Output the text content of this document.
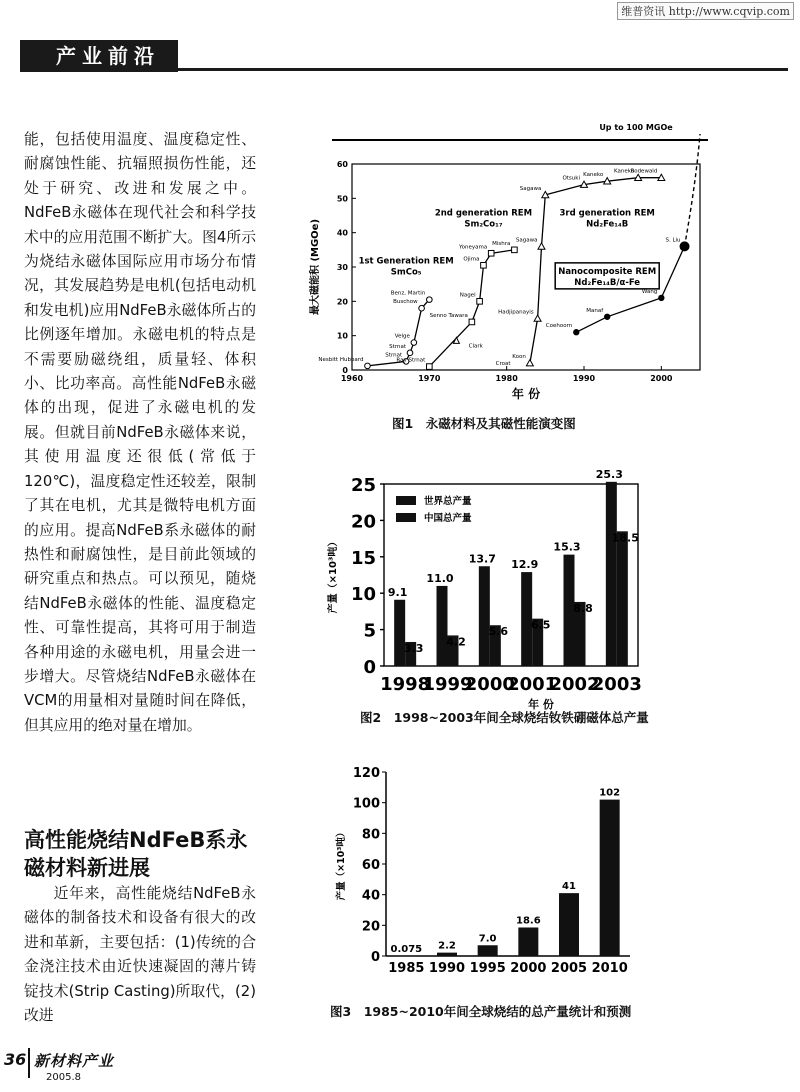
维普资讯 http://www.cqvip.com
产业前沿

能，包括使用温度、温度稳定性、耐腐蚀性能、抗辐照损伤性能，还处于研究、改进和发展之中。NdFeB永磁体在现代社会和科学技术中的应用范围不断扩大。图4所示为烧结永磁体国际应用市场分布情况，其发展趋势是电机(包括电动机和发电机)应用NdFeB永磁体所占的比例逐年增加。永磁电机的特点是不需要励磁绕组，质量轻、体积小、比功率高。高性能NdFeB永磁体的出现，促进了永磁电机的发展。但就目前NdFeB永磁体来说，其使用温度还很低(常低于120℃)，温度稳定性还较差，限制了其在电机，尤其是微特电机方面的应用。提高NdFeB系永磁体的耐热性和耐腐蚀性，是目前此领域的研究重点和热点。可以预见，随烧结NdFeB永磁体的性能、温度稳定性、可靠性提高，其将可用于制造各种用途的永磁电机，用量会进一步增大。尽管烧结NdFeB永磁体在VCM的用量相对量随时间在降低，但其应用的绝对量在增加。

高性能烧结NdFeB系永磁材料新进展

近年来，高性能烧结NdFeB永磁体的制备技术和设备有很大的改进和革新，主要包括：(1)传统的合金浇注技术由近快速凝固的薄片铸锭技术(Strip Casting)所取代，(2)改进

Up to 100 MGOe
0
10
20
30
40
50
60
1960	1970	1980	1990	2000
年 份
最大磁能积 (MGOe)	1st Generation REM
SmCo₅
2nd generation REM
Sm₂Co₁₇
3rd generation REM
Nd₂Fe₁₄B
Nanocomposite REM
Nd₂Fe₁₄B/α-Fe
Nesbitt Hubbard
Strnat
Strnat
Velge
Buschow
Benz, Martin
Ray Strnat
Senno Tawara
Nagel
Ojima
Yoneyama
Mishra
Koon
Hadjipanayis
Sagawa
Sagawa
Otsuki
Kaneko
Kaneko
Rodewald
Coehoorn
Manaf
Wang
S. Liu
Croat
Clark
图1　永磁材料及其磁性能演变图
0
5
10
15
20
25
产量（×10³吨）
1998
9.1
3.3
1999
11.0
4.2
2000
13.7
5.6
2001
12.9
6.5
2002
15.3
8.8
2003
25.3
18.5
年 份
世界总产量
中国总产量
图2　1998~2003年间全球烧结钕铁硼磁体总产量
0
20
40
60
80
100
120
产量（×10³吨）
0.075
1985
2.2
1990
7.0
1995
18.6
2000
41
2005
102
2010
图3　1985~2010年间全球烧结的总产量统计和预测
36 新材料产业
2005.8
